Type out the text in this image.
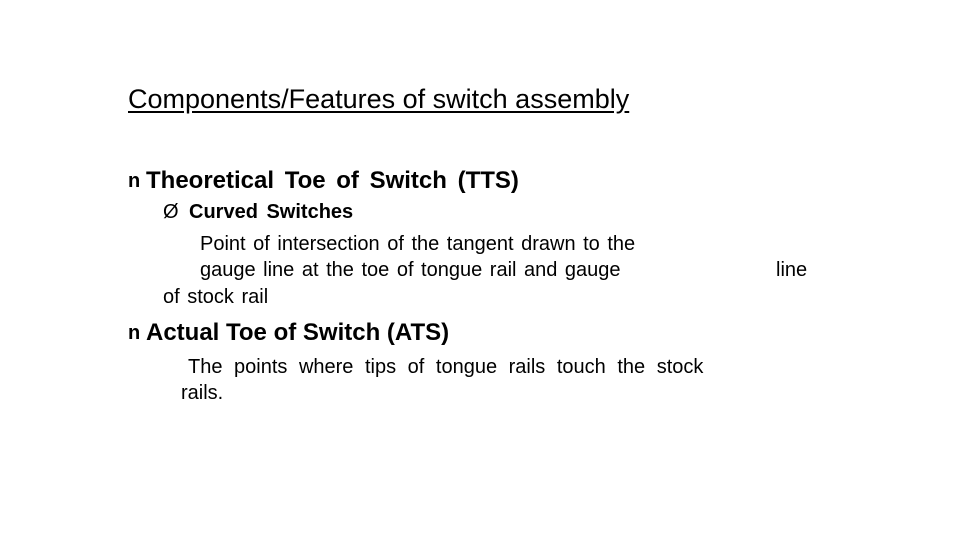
Components/Features of switch assembly
n Theoretical Toe of Switch (TTS)
Ø Curved Switches
Point of intersection of the tangent drawn to the
gauge line at the toe of tongue rail and gauge	line
of stock rail
n Actual Toe of Switch (ATS)
The points where tips of tongue rails touch the stock
rails.
